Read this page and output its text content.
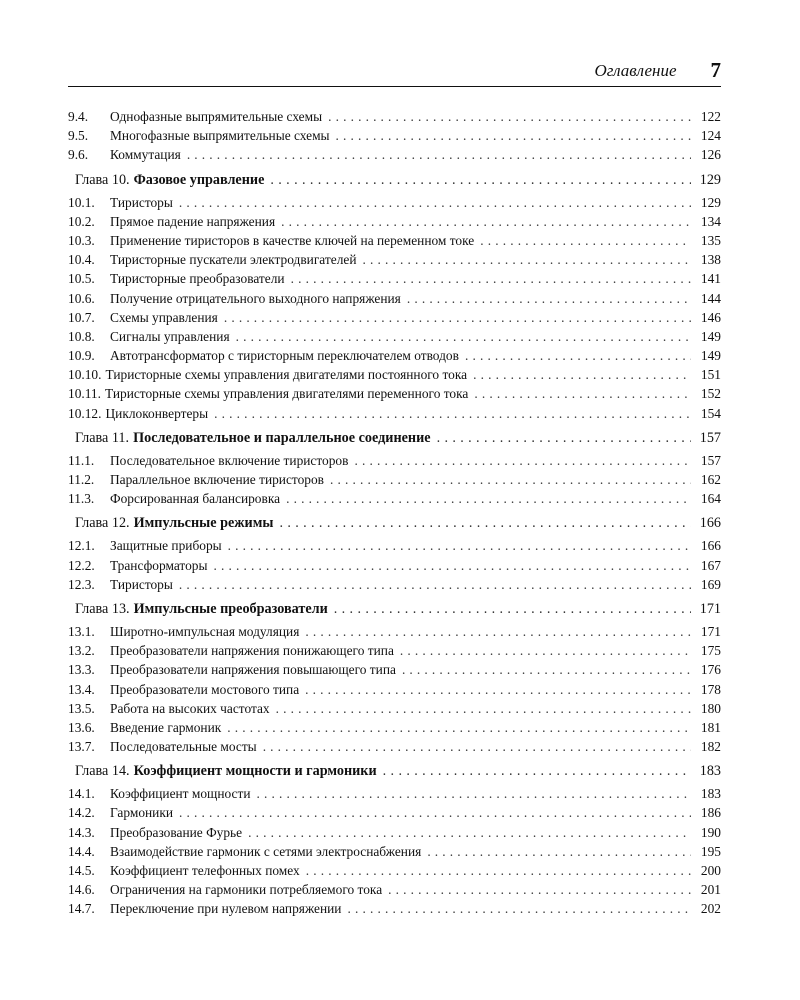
Оглавление 7
9.4.	Однофазные выпрямительные схемы . . .	122
9.5.	Многофазные выпрямительные схемы . . .	124
9.6.	Коммутация . . .	126
Глава 10. Фазовое управление . . .	129
10.1.	Тиристоры . . .	129
10.2.	Прямое падение напряжения . . .	134
10.3.	Применение тиристоров в качестве ключей на переменном токе . . .	135
10.4.	Тиристорные пускатели электродвигателей . . .	138
10.5.	Тиристорные преобразователи . . .	141
10.6.	Получение отрицательного выходного напряжения . . .	144
10.7.	Схемы управления . . .	146
10.8.	Сигналы управления . . .	149
10.9.	Автотрансформатор с тиристорным переключателем отводов . . .	149
10.10. Тиристорные схемы управления двигателями постоянного тока . . .	151
10.11. Тиристорные схемы управления двигателями переменного тока . . .	152
10.12. Циклоконвертеры . . .	154
Глава 11. Последовательное и параллельное соединение . . .	157
11.1.	Последовательное включение тиристоров . . .	157
11.2.	Параллельное включение тиристоров . . .	162
11.3.	Форсированная балансировка . . .	164
Глава 12. Импульсные режимы . . .	166
12.1.	Защитные приборы . . .	166
12.2.	Трансформаторы . . .	167
12.3.	Тиристоры . . .	169
Глава 13. Импульсные преобразователи . . .	171
13.1.	Широтно-импульсная модуляция . . .	171
13.2.	Преобразователи напряжения понижающего типа . . .	175
13.3.	Преобразователи напряжения повышающего типа . . .	176
13.4.	Преобразователи мостового типа . . .	178
13.5.	Работа на высоких частотах . . .	180
13.6.	Введение гармоник . . .	181
13.7.	Последовательные мосты . . .	182
Глава 14. Коэффициент мощности и гармоники . . .	183
14.1.	Коэффициент мощности . . .	183
14.2.	Гармоники . . .	186
14.3.	Преобразование Фурье . . .	190
14.4.	Взаимодействие гармоник с сетями электроснабжения . . .	195
14.5.	Коэффициент телефонных помех . . .	200
14.6.	Ограничения на гармоники потребляемого тока . . .	201
14.7.	Переключение при нулевом напряжении . . .	202
